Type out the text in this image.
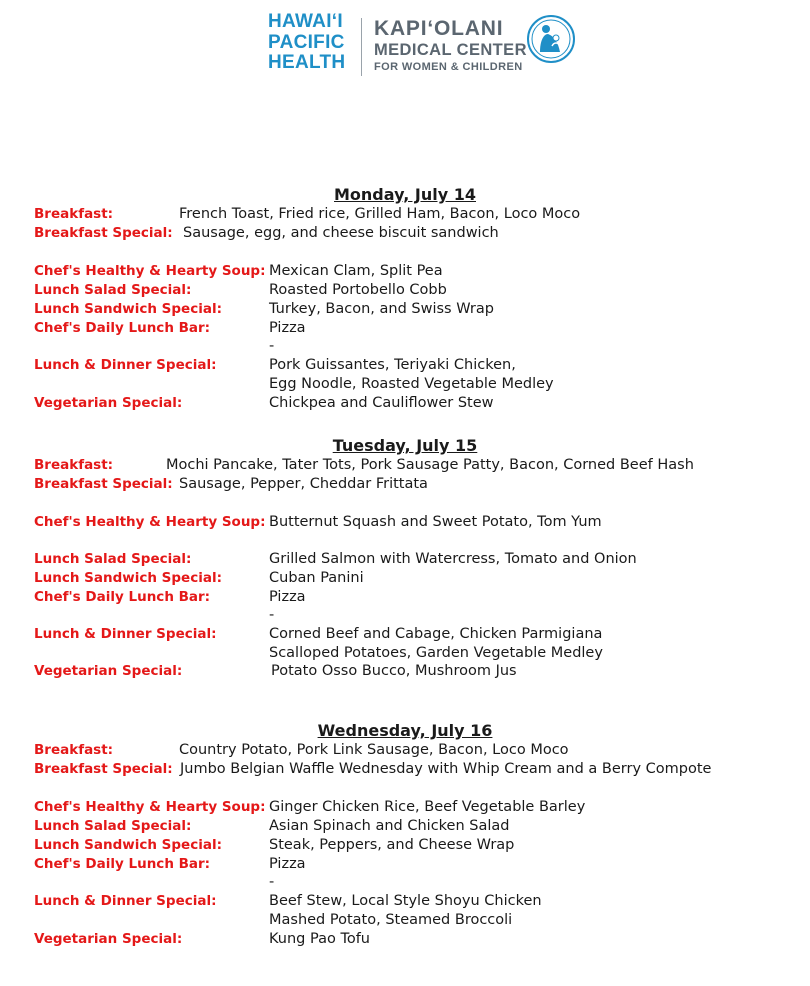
HAWAIʻI
PACIFIC
HEALTH
KAPIʻOLANI
MEDICAL CENTER
FOR WOMEN & CHILDREN
Monday, July 14
Breakfast:	French Toast, Fried rice, Grilled Ham, Bacon, Loco Moco
Breakfast Special: Sausage, egg, and cheese biscuit sandwich
Chef's Healthy & Hearty Soup: Mexican Clam, Split Pea
Lunch Salad Special:	Roasted Portobello Cobb
Lunch Sandwich Special:	Turkey, Bacon, and Swiss Wrap
Chef's Daily Lunch Bar:	Pizza
-
Lunch & Dinner Special:	Pork Guissantes, Teriyaki Chicken,
Egg Noodle, Roasted Vegetable Medley
Vegetarian Special:	Chickpea and Cauliflower Stew
Tuesday, July 15
Breakfast:	Mochi Pancake, Tater Tots, Pork Sausage Patty, Bacon, Corned Beef Hash
Breakfast Special: Sausage, Pepper, Cheddar Frittata
Chef's Healthy & Hearty Soup: Butternut Squash and Sweet Potato, Tom Yum
Lunch Salad Special:	Grilled Salmon with Watercress, Tomato and Onion
Lunch Sandwich Special:	Cuban Panini
Chef's Daily Lunch Bar:	Pizza
-
Lunch & Dinner Special:	Corned Beef and Cabage, Chicken Parmigiana
Scalloped Potatoes, Garden Vegetable Medley
Vegetarian Special:	Potato Osso Bucco, Mushroom Jus
Wednesday, July 16
Breakfast:	Country Potato, Pork Link Sausage, Bacon, Loco Moco
Breakfast Special: Jumbo Belgian Waffle Wednesday with Whip Cream and a Berry Compote
Chef's Healthy & Hearty Soup: Ginger Chicken Rice, Beef Vegetable Barley
Lunch Salad Special:	Asian Spinach and Chicken Salad
Lunch Sandwich Special:	Steak, Peppers, and Cheese Wrap
Chef's Daily Lunch Bar:	Pizza
-
Lunch & Dinner Special:	Beef Stew, Local Style Shoyu Chicken
Mashed Potato, Steamed Broccoli
Vegetarian Special:	Kung Pao Tofu
